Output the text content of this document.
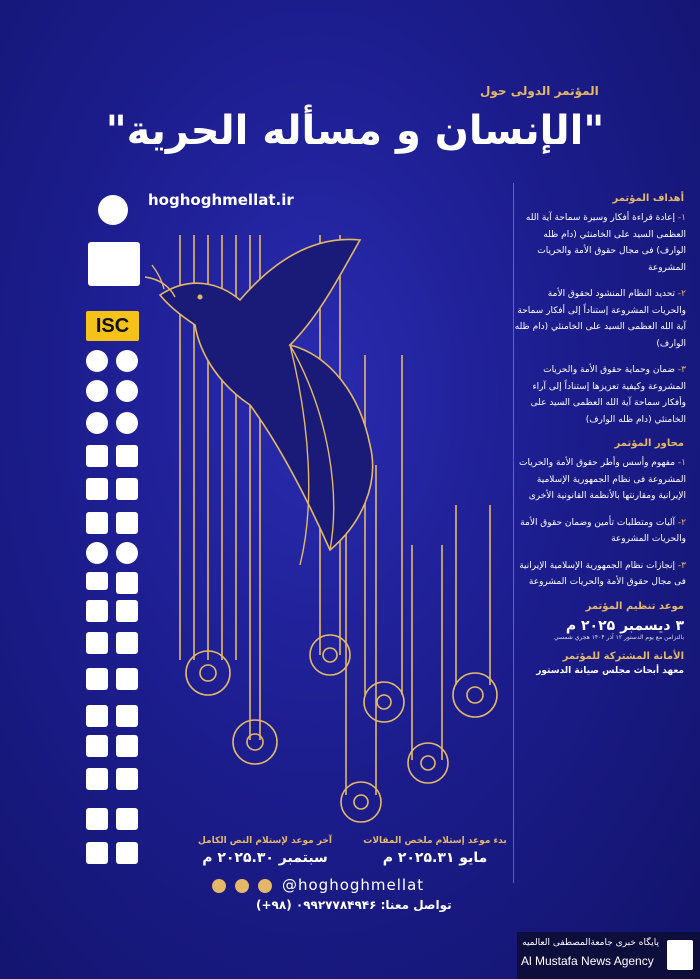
المؤتمر الدولی حول
"الإنسان و مسأله الحرية"
hoghoghmellat.ir	أهداف المؤتمر
۱- إعادة قراءة أفكار وسيرة سماحة آية الله العظمى السيد على الخامنئي (دام ظله الوارف) فى مجال حقوق الأمة والحريات المشروعة
۲- تحديد النظام المنشود لحقوق الأمة والحريات المشروعة إستناداً إلى أفكار سماحة آية الله العظمى السيد على الخامنئي (دام ظله الوارف)
۳- ضمان وحماية حقوق الأمة والحريات المشروعة وكيفية تعزيزها إستناداً إلى آراء وأفكار سماحة آية الله العظمى السيد على الخامنئي (دام ظله الوارف)
محاور المؤتمر
۱- مفهوم وأسس وأطر حقوق الأمة والحريات المشروعة فى نظام الجمهورية الإسلامية الإيرانية ومقارنتها بالأنظمة القانونية الأخرى
۲- آليات ومتطلبات تأمين وضمان حقوق الأمة والحريات المشروعة
۳- إنجازات نظام الجمهورية الإسلامية الإيرانية فى مجال حقوق الأمة والحريات المشروعة
موعد تنظيم المؤتمر
۳ ديسمبر ۲۰۲۵ م
بالتزامن مع يوم الدستور ۱۲ آذر ۱۴۰۴ هجري شمسي
الأمانة المشتركة للمؤتمر
معهد أبحاث مجلس صيانة الدستور
ISC
آخر موعد لإستلام النص الكامل
سبتمبر ۲۰۲۵.۳۰ م
بدء موعد إستلام ملخص المقالات
مايو ۲۰۲۵.۳۱ م

@hoghoghmellat
تواصل معنا: ۰۹۹۲۷۷۸۴۹۴۶ (۹۸+)
پایگاه خبری جامعةالمصطفی العالمیه
Al Mustafa News Agency
